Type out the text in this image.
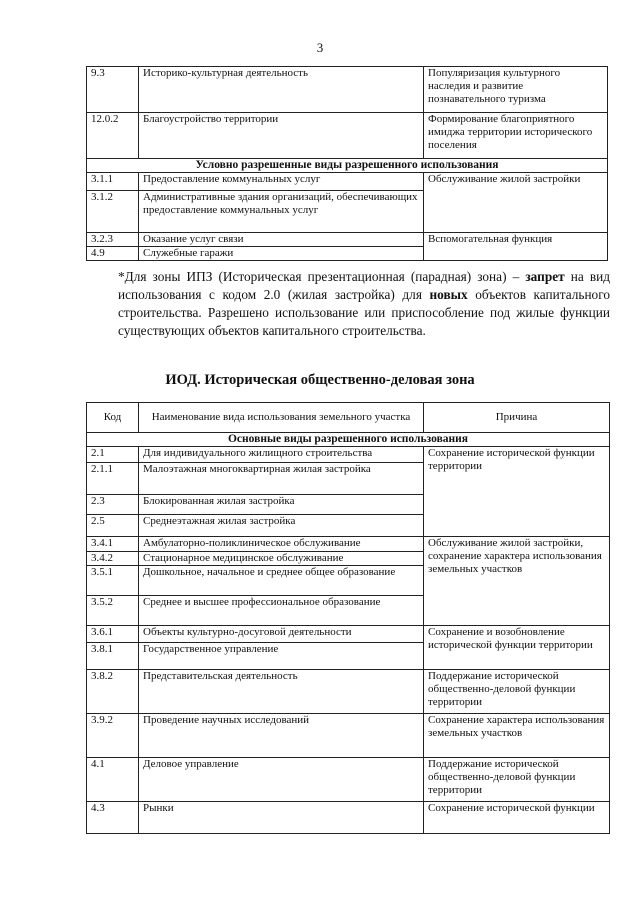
3
9.3	Историко-культурная деятельность	Популяризация культурного наследия и развитие познавательного туризма
12.0.2	Благоустройство территории	Формирование благоприятного имиджа территории исторического поселения
Условно разрешенные виды разрешенного использования		
3.1.1	Предоставление коммунальных услуг	Обслуживание жилой застройки
3.1.2	Административные здания организаций, обеспечивающих предоставление коммунальных услуг	
3.2.3	Оказание услуг связи	Вспомогательная функция
4.9	Служебные гаражи	
*Для зоны ИПЗ (Историческая презентационная (парадная) зона) – запрет на вид использования с кодом 2.0 (жилая застройка) для новых объектов капитального строительства. Разрешено использование или приспособление под жилые функции существующих объектов капитального строительства.
ИОД. Историческая общественно-деловая зона
Код	Наименование вида использования земельного участка	Причина
Основные виды разрешенного использования		
2.1	Для индивидуального жилищного строительства	Сохранение исторической функции территории
2.1.1	Малоэтажная многоквартирная жилая застройка	
2.3	Блокированная жилая застройка	
2.5	Среднеэтажная жилая застройка	
3.4.1	Амбулаторно-поликлиническое обслуживание	Обслуживание жилой застройки, сохранение характера использования земельных участков
3.4.2	Стационарное медицинское обслуживание	
3.5.1	Дошкольное, начальное и среднее общее образование	
3.5.2	Среднее и высшее профессиональное образование	
3.6.1	Объекты культурно-досуговой деятельности	Сохранение и возобновление исторической функции территории
3.8.1	Государственное управление	
3.8.2	Представительская деятельность	Поддержание исторической общественно-деловой функции территории
3.9.2	Проведение научных исследований	Сохранение характера использования земельных участков
4.1	Деловое управление	Поддержание исторической общественно-деловой функции территории
4.3	Рынки	Сохранение исторической функции
